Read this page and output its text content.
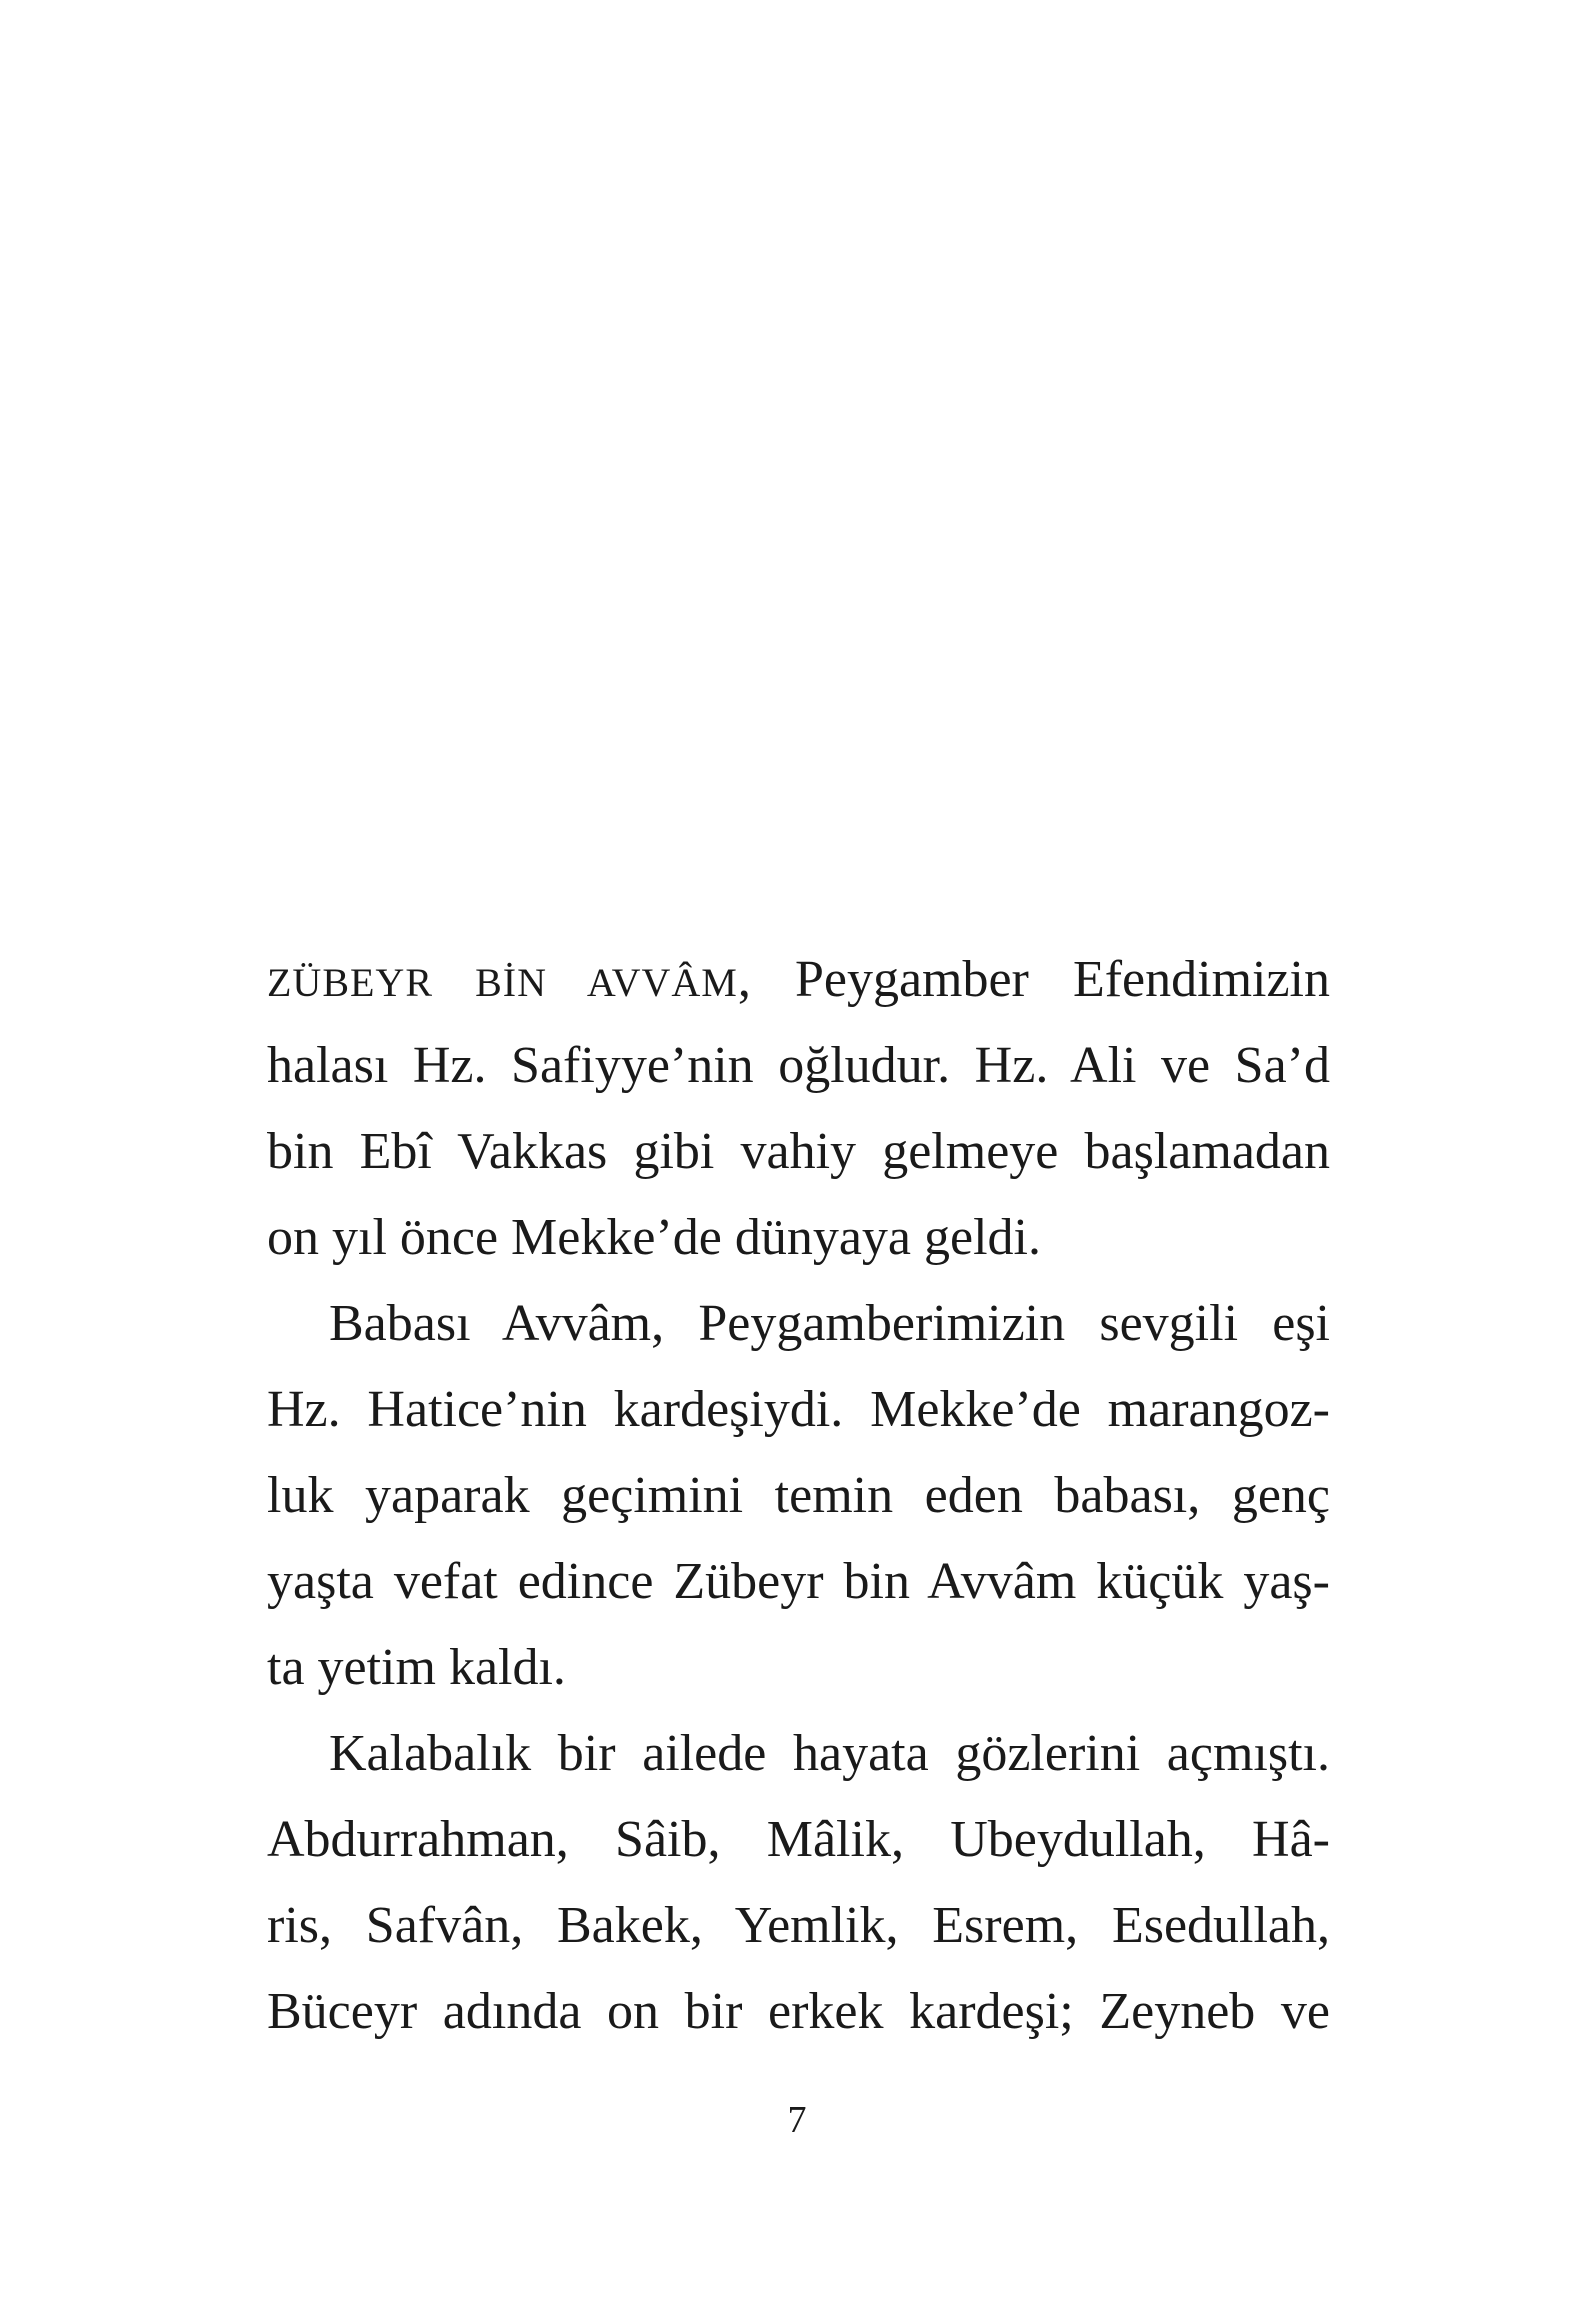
ZÜBEYR BİN AVVÂM, Peygamber Efendimizin
halası Hz. Safiyye’nin oğludur. Hz. Ali ve Sa’d
bin Ebî Vakkas gibi vahiy gelmeye başlamadan
on yıl önce Mekke’de dünyaya geldi.
Babası Avvâm, Peygamberimizin sevgili eşi
Hz. Hatice’nin kardeşiydi. Mekke’de marangoz-
luk yaparak geçimini temin eden babası, genç
yaşta vefat edince Zübeyr bin Avvâm küçük yaş-
ta yetim kaldı.
Kalabalık bir ailede hayata gözlerini açmıştı.
Abdurrahman, Sâib, Mâlik, Ubeydullah, Hâ-
ris, Safvân, Bakek, Yemlik, Esrem, Esedullah,
Büceyr adında on bir erkek kardeşi; Zeyneb ve
7
